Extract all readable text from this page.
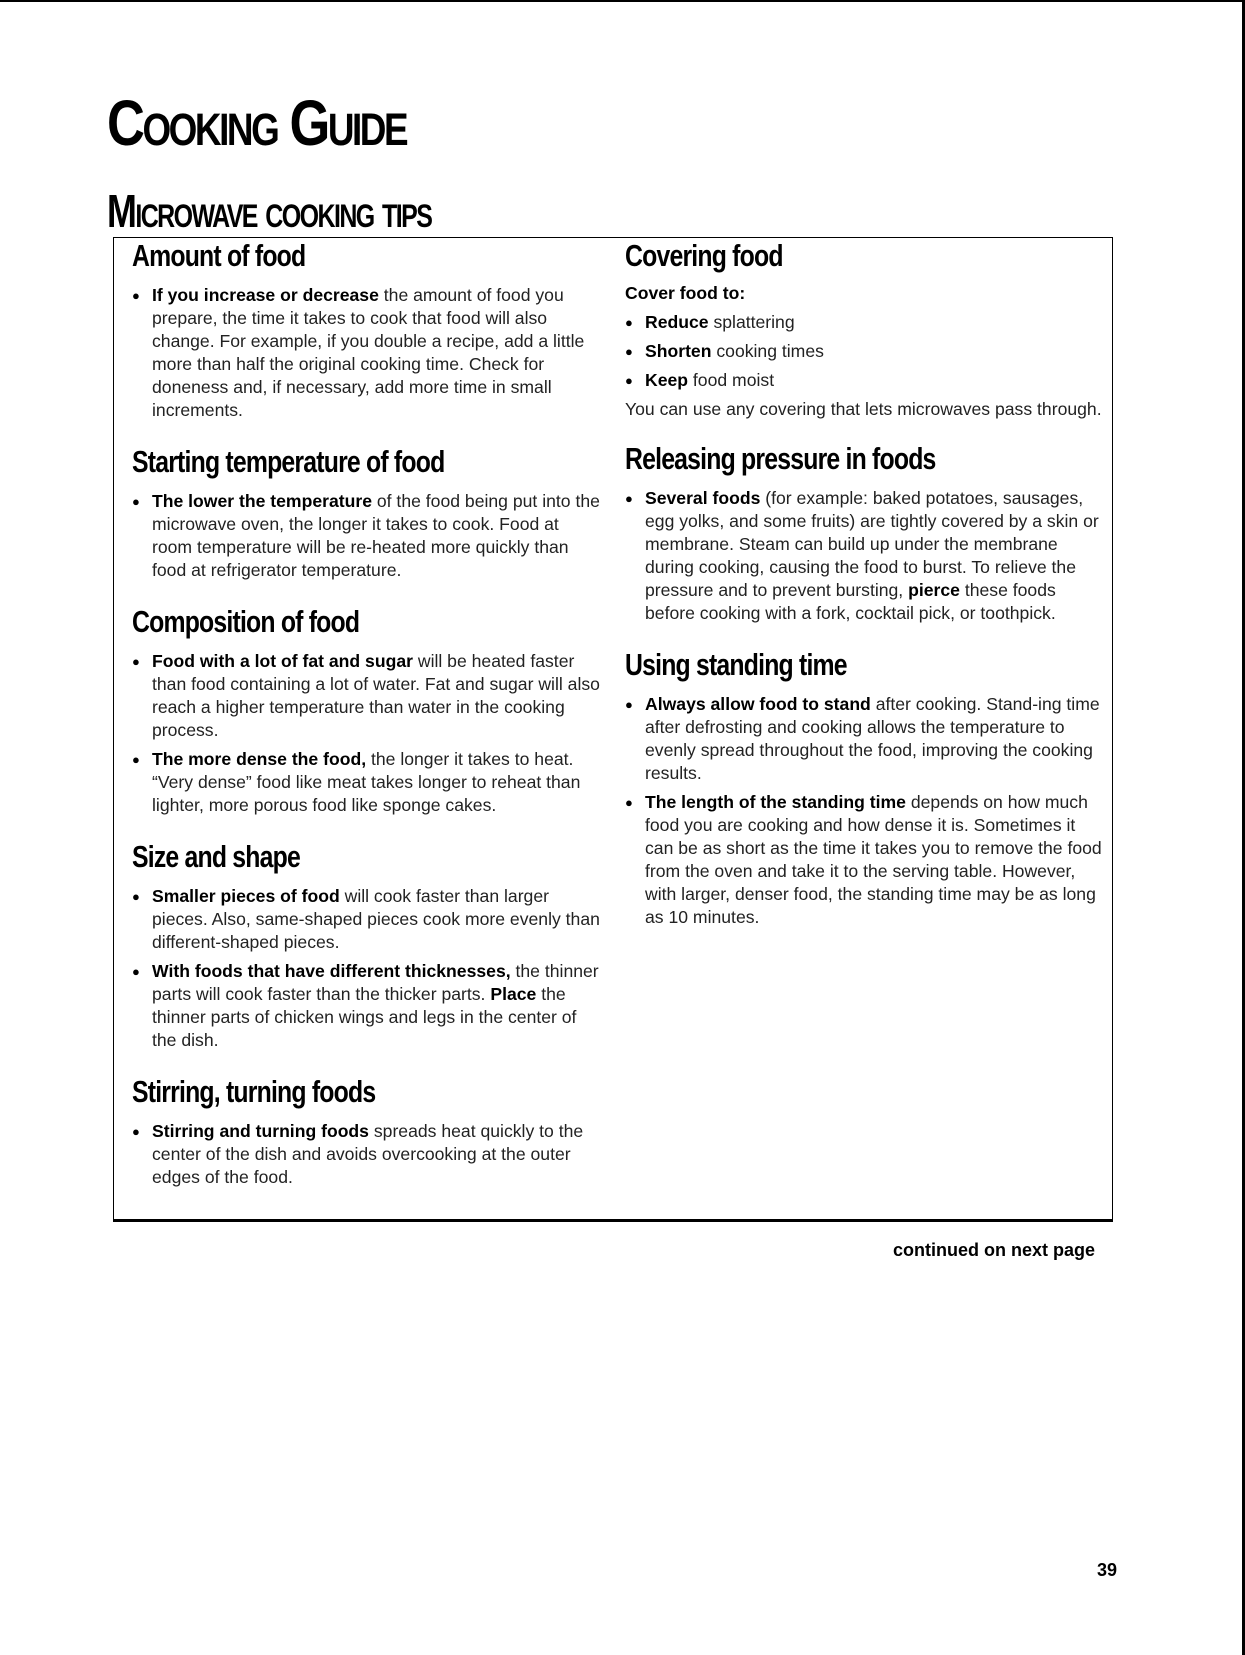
Cooking Guide
Microwave cooking tips
Amount of food

● If you increase or decrease the amount of food you prepare, the time it takes to cook that food will also change. For example, if you double a recipe, add a little more than half the original cooking time. Check for doneness and, if necessary, add more time in small increments.

Starting temperature of food

● The lower the temperature of the food being put into the microwave oven, the longer it takes to cook. Food at room temperature will be re-heated more quickly than food at refrigerator temperature.

Composition of food

● Food with a lot of fat and sugar will be heated faster than food containing a lot of water. Fat and sugar will also reach a higher temperature than water in the cooking process.

● The more dense the food, the longer it takes to heat. “Very dense” food like meat takes longer to reheat than lighter, more porous food like sponge cakes.

Size and shape

● Smaller pieces of food will cook faster than larger pieces. Also, same-shaped pieces cook more evenly than different-shaped pieces.

● With foods that have different thicknesses, the thinner parts will cook faster than the thicker parts. Place the thinner parts of chicken wings and legs in the center of the dish.

Stirring, turning foods

● Stirring and turning foods spreads heat quickly to the center of the dish and avoids overcooking at the outer edges of the food.

Covering food

Cover food to:

● Reduce splattering

● Shorten cooking times

● Keep food moist

You can use any covering that lets microwaves pass through.

Releasing pressure in foods

● Several foods (for example: baked potatoes, sausages, egg yolks, and some fruits) are tightly covered by a skin or membrane. Steam can build up under the membrane during cooking, causing the food to burst. To relieve the pressure and to prevent bursting, pierce these foods before cooking with a fork, cocktail pick, or toothpick.

Using standing time

● Always allow food to stand after cooking. Stand-ing time after defrosting and cooking allows the temperature to evenly spread throughout the food, improving the cooking results.

● The length of the standing time depends on how much food you are cooking and how dense it is. Sometimes it can be as short as the time it takes you to remove the food from the oven and take it to the serving table. However, with larger, denser food, the standing time may be as long as 10 minutes.

continued on next page
39
